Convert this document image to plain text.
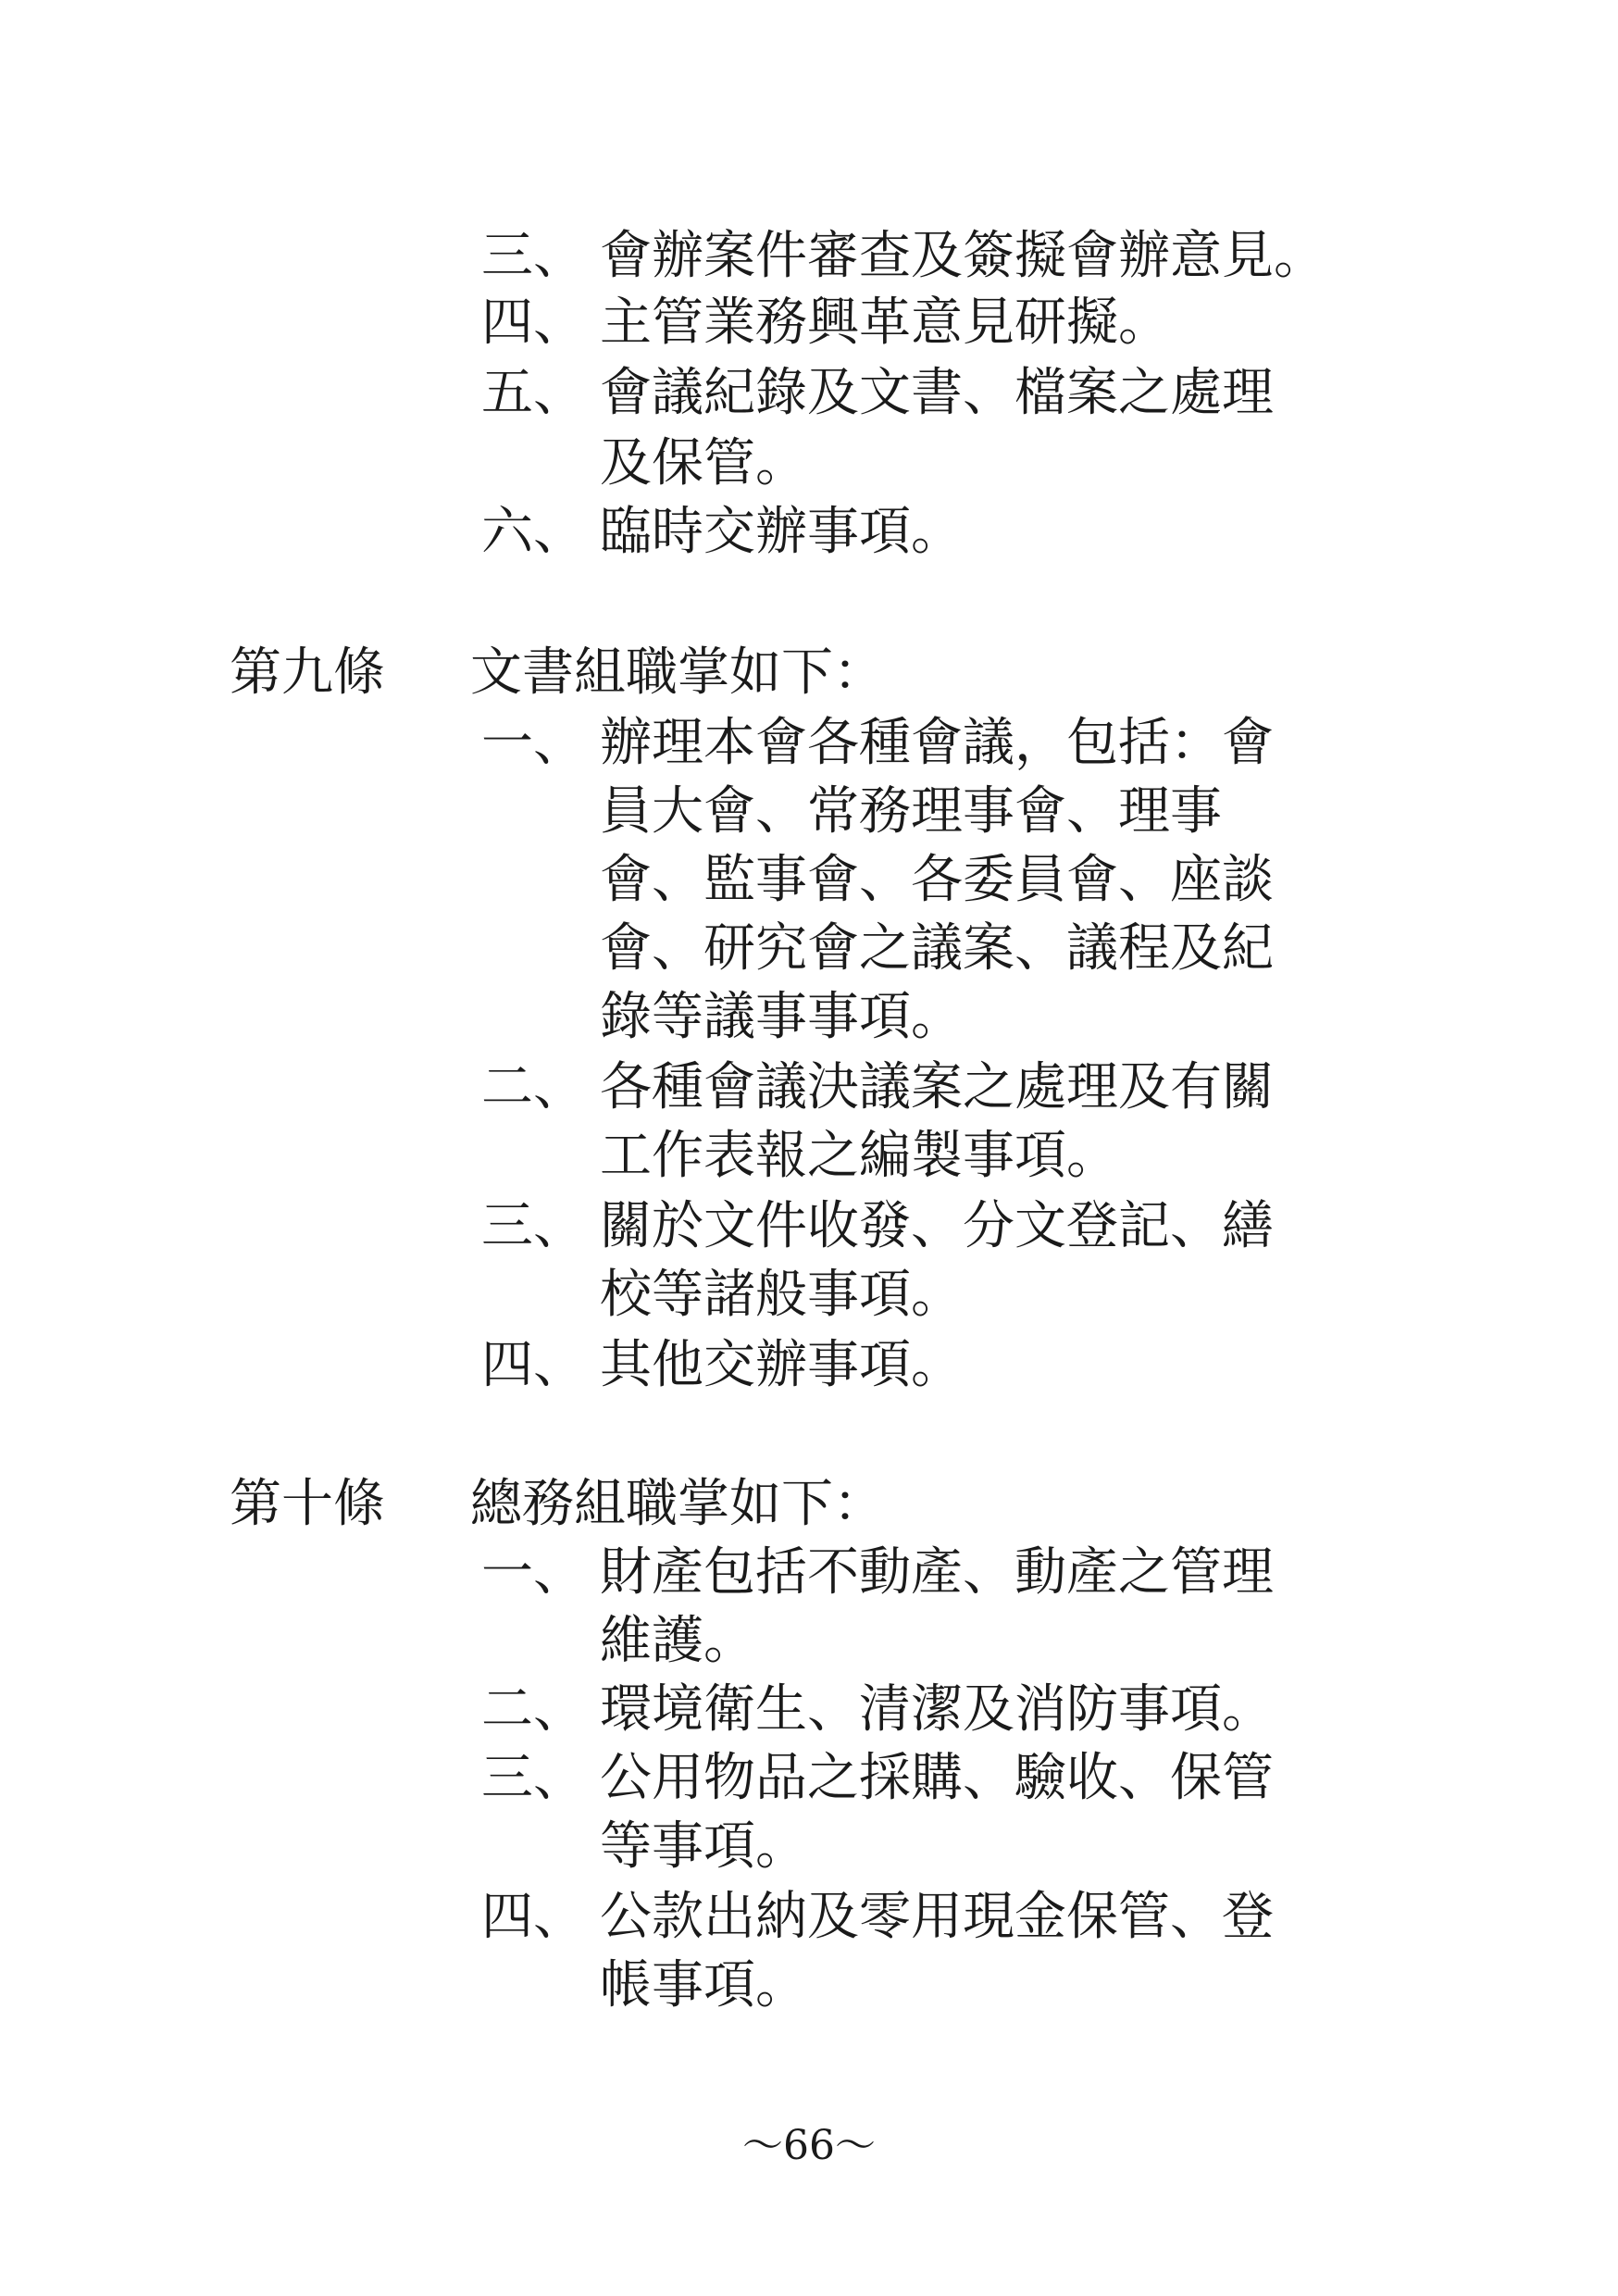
三、 會辦案件審查及簽擬會辦意見。
四、 主管業務興革意見研擬。
五、 會議紀錄及文書、檔案之處理
及保管。
六、 臨時交辦事項。
第九條 文書組職掌如下：
一、 辦理本會各種會議，包括：會
員大會、常務理事會、理事
會、監事會、各委員會、座談
會、研究會之議案、議程及紀
錄等議事事項。
二、 各種會議決議案之處理及有關
工作表報之編製事項。
三、 關於文件收發、分文登記、繕
校等諸般事項。
四、 其他交辦事項。
第十條 總務組職掌如下：
一、 財產包括不動產、動產之管理
維護。
二、 環境衛生、清潔及消防事項。
三、 公用物品之採購、驗收、保管
等事項。
四、 公款出納及零用現金保管、登
帳事項。
～66～
